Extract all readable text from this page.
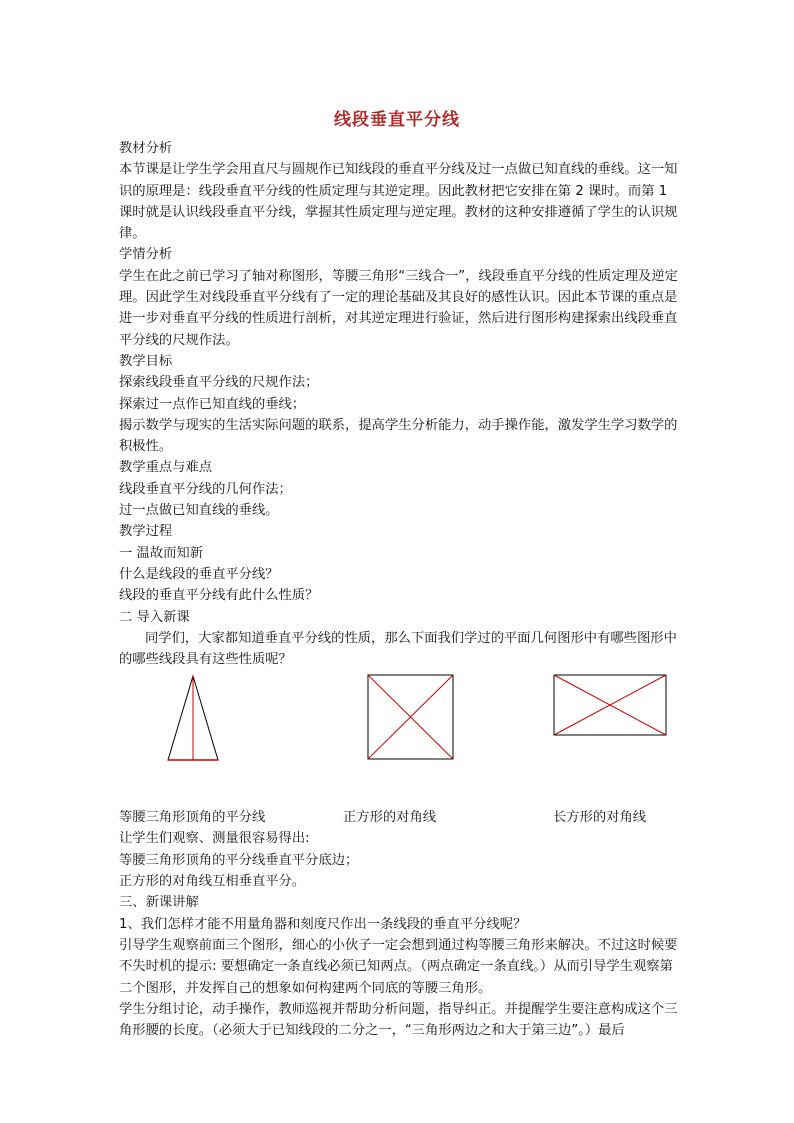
线段垂直平分线

教材分析

本节课是让学生学会用直尺与圆规作已知线段的垂直平分线及过一点做已知直线的垂线。这一知识的原理是：线段垂直平分线的性质定理与其逆定理。因此教材把它安排在第 2 课时。而第 1 课时就是认识线段垂直平分线，掌握其性质定理与逆定理。教材的这种安排遵循了学生的认识规律。

学情分析

学生在此之前已学习了轴对称图形，等腰三角形“三线合一”，线段垂直平分线的性质定理及逆定理。因此学生对线段垂直平分线有了一定的理论基础及其良好的感性认识。因此本节课的重点是进一步对垂直平分线的性质进行剖析，对其逆定理进行验证，然后进行图形构建探索出线段垂直平分线的尺规作法。

教学目标

探索线段垂直平分线的尺规作法；

探索过一点作已知直线的垂线；

揭示数学与现实的生活实际问题的联系，提高学生分析能力，动手操作能，激发学生学习数学的积极性。

教学重点与难点

线段垂直平分线的几何作法；

过一点做已知直线的垂线。

教学过程

一 温故而知新

什么是线段的垂直平分线？

线段的垂直平分线有此什么性质？

二 导入新课

同学们，大家都知道垂直平分线的性质，那么下面我们学过的平面几何图形中有哪些图形中的哪些线段具有这些性质呢？

等腰三角形顶角的平分线	正方形的对角线	长方形的对角线

让学生们观察、测量很容易得出:

等腰三角形顶角的平分线垂直平分底边；

正方形的对角线互相垂直平分。

三、新课讲解

1、我们怎样才能不用量角器和刻度尺作出一条线段的垂直平分线呢？

引导学生观察前面三个图形，细心的小伙子一定会想到通过构等腰三角形来解决。不过这时候要不失时机的提示: 要想确定一条直线必须已知两点。（两点确定一条直线。）从而引导学生观察第二个图形，并发挥自己的想象如何构建两个同底的等腰三角形。

学生分组讨论，动手操作，教师巡视并帮助分析问题，指导纠正。并提醒学生要注意构成这个三角形腰的长度。（必须大于已知线段的二分之一，“三角形两边之和大于第三边”。）最后
